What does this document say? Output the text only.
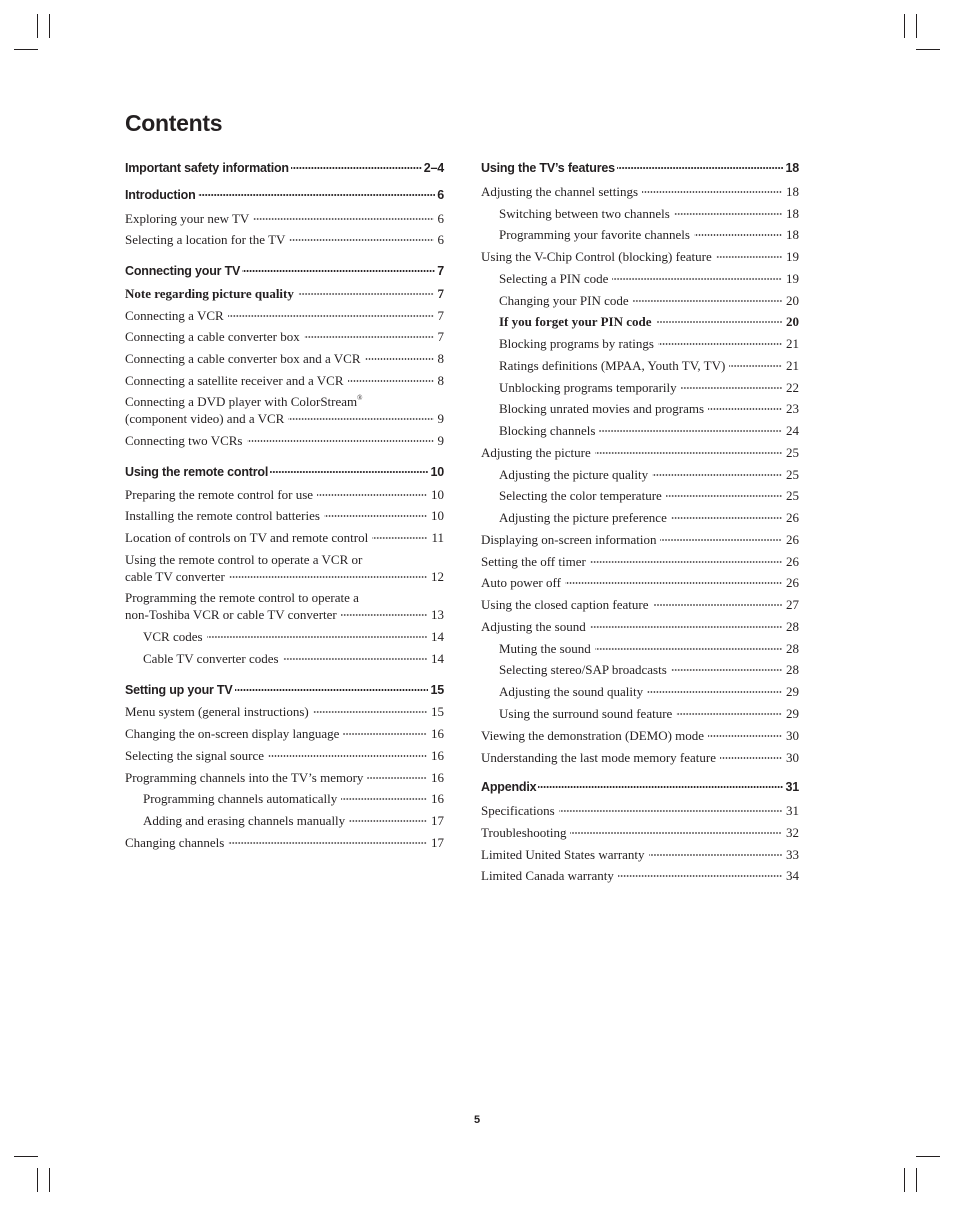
Contents
Important safety information	2–4
Introduction	6
Exploring your new TV	6
Selecting a location for the TV	6
Connecting your TV	7
Note regarding picture quality	7
Connecting a VCR	7
Connecting a cable converter box	7
Connecting a cable converter box and a VCR	8
Connecting a satellite receiver and a VCR	8
Connecting a DVD player with ColorStream®
(component video) and a VCR	9
Connecting two VCRs	9
Using the remote control	10
Preparing the remote control for use	10
Installing the remote control batteries	10
Location of controls on TV and remote control	11
Using the remote control to operate a VCR or
cable TV converter	12
Programming the remote control to operate a
non-Toshiba VCR or cable TV converter	13
VCR codes	14
Cable TV converter codes	14
Setting up your TV	15
Menu system (general instructions)	15
Changing the on-screen display language	16
Selecting the signal source	16
Programming channels into the TV’s memory	16
Programming channels automatically	16
Adding and erasing channels manually	17
Changing channels	17
Using the TV’s features	18
Adjusting the channel settings	18
Switching between two channels	18
Programming your favorite channels	18
Using the V-Chip Control (blocking) feature	19
Selecting a PIN code	19
Changing your PIN code	20
If you forget your PIN code	20
Blocking programs by ratings	21
Ratings definitions (MPAA, Youth TV, TV)	21
Unblocking programs temporarily	22
Blocking unrated movies and programs	23
Blocking channels	24
Adjusting the picture	25
Adjusting the picture quality	25
Selecting the color temperature	25
Adjusting the picture preference	26
Displaying on-screen information	26
Setting the off timer	26
Auto power off	26
Using the closed caption feature	27
Adjusting the sound	28
Muting the sound	28
Selecting stereo/SAP broadcasts	28
Adjusting the sound quality	29
Using the surround sound feature	29
Viewing the demonstration (DEMO) mode	30
Understanding the last mode memory feature	30
Appendix	31
Specifications	31
Troubleshooting	32
Limited United States warranty	33
Limited Canada warranty	34
5
